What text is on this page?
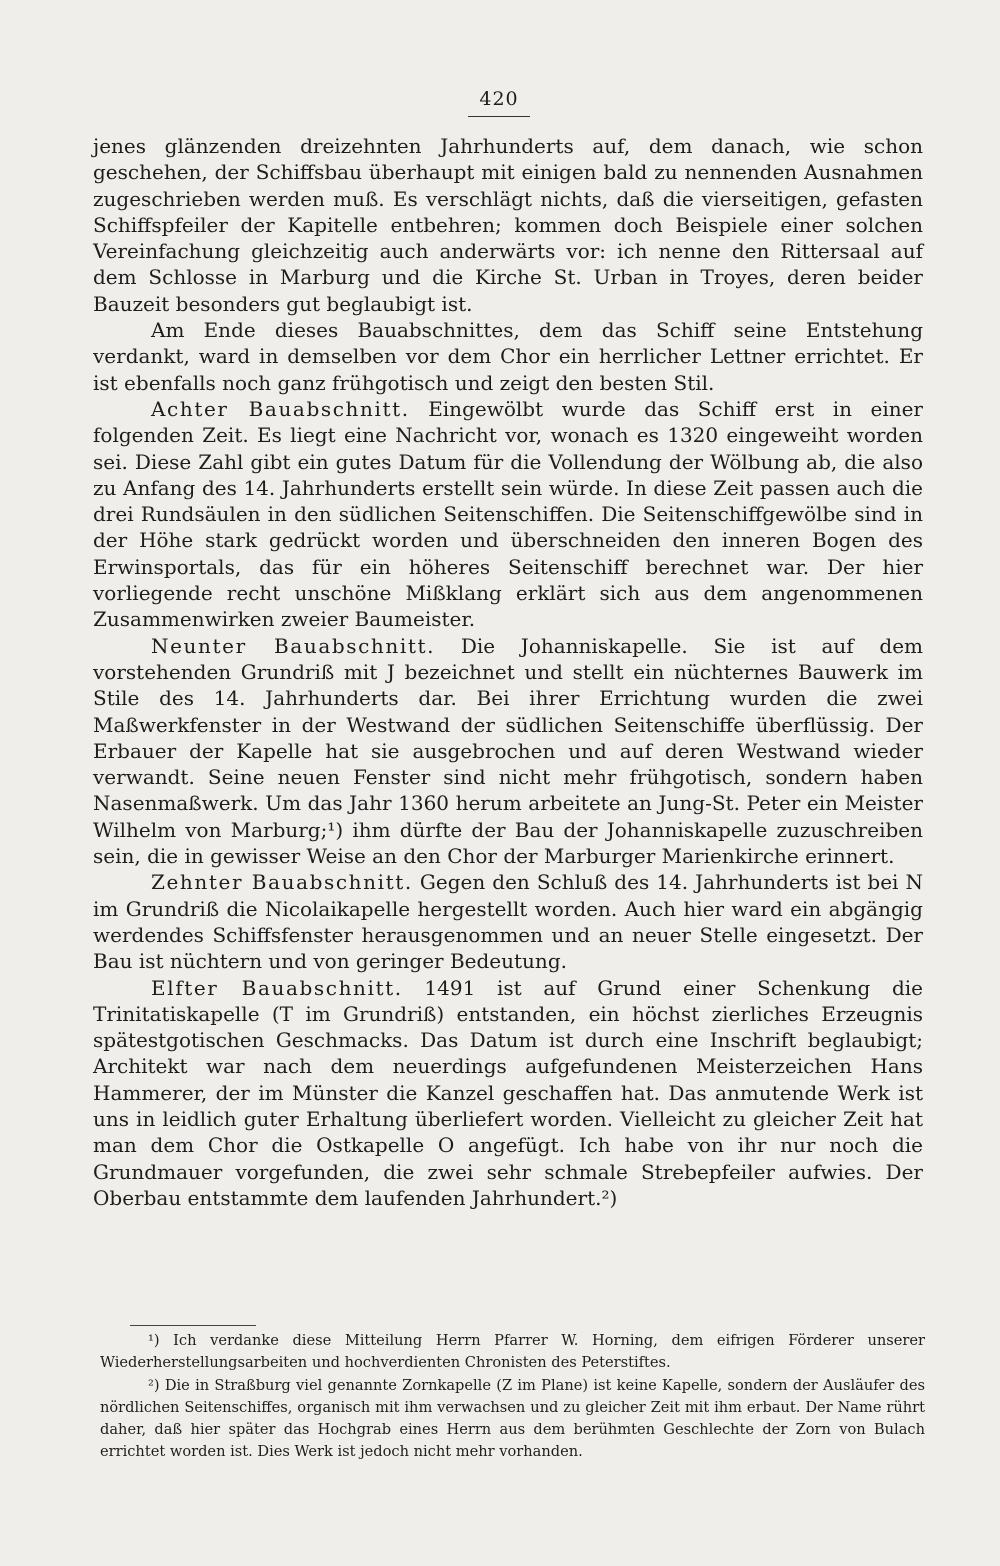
420

jenes glänzenden dreizehnten Jahrhunderts auf, dem danach, wie schon geschehen, der Schiffsbau überhaupt mit einigen bald zu nennenden Ausnahmen zugeschrieben werden muß. Es verschlägt nichts, daß die vierseitigen, gefasten Schiffspfeiler der Kapitelle entbehren; kommen doch Beispiele einer solchen Vereinfachung gleichzeitig auch anderwärts vor: ich nenne den Rittersaal auf dem Schlosse in Marburg und die Kirche St. Urban in Troyes, deren beider Bauzeit besonders gut beglaubigt ist.

Am Ende dieses Bauabschnittes, dem das Schiff seine Entstehung verdankt, ward in demselben vor dem Chor ein herrlicher Lettner errichtet. Er ist ebenfalls noch ganz frühgotisch und zeigt den besten Stil.

Achter Bauabschnitt. Eingewölbt wurde das Schiff erst in einer folgenden Zeit. Es liegt eine Nachricht vor, wonach es 1320 eingeweiht worden sei. Diese Zahl gibt ein gutes Datum für die Vollendung der Wölbung ab, die also zu Anfang des 14. Jahrhunderts erstellt sein würde. In diese Zeit passen auch die drei Rundsäulen in den südlichen Seitenschiffen. Die Seitenschiffgewölbe sind in der Höhe stark gedrückt worden und überschneiden den inneren Bogen des Erwinsportals, das für ein höheres Seitenschiff berechnet war. Der hier vorliegende recht unschöne Mißklang erklärt sich aus dem angenommenen Zusammenwirken zweier Baumeister.

Neunter Bauabschnitt. Die Johanniskapelle. Sie ist auf dem vorstehenden Grundriß mit J bezeichnet und stellt ein nüchternes Bauwerk im Stile des 14. Jahrhunderts dar. Bei ihrer Errichtung wurden die zwei Maßwerkfenster in der Westwand der südlichen Seitenschiffe überflüssig. Der Erbauer der Kapelle hat sie ausgebrochen und auf deren Westwand wieder verwandt. Seine neuen Fenster sind nicht mehr frühgotisch, sondern haben Nasenmaßwerk. Um das Jahr 1360 herum arbeitete an Jung-St. Peter ein Meister Wilhelm von Marburg;¹) ihm dürfte der Bau der Johanniskapelle zuzuschreiben sein, die in gewisser Weise an den Chor der Marburger Marienkirche erinnert.

Zehnter Bauabschnitt. Gegen den Schluß des 14. Jahrhunderts ist bei N im Grundriß die Nicolaikapelle hergestellt worden. Auch hier ward ein abgängig werdendes Schiffsfenster herausgenommen und an neuer Stelle eingesetzt. Der Bau ist nüchtern und von geringer Bedeutung.

Elfter Bauabschnitt. 1491 ist auf Grund einer Schenkung die Trinitatiskapelle (T im Grundriß) entstanden, ein höchst zierliches Erzeugnis spätestgotischen Geschmacks. Das Datum ist durch eine Inschrift beglaubigt; Architekt war nach dem neuerdings aufgefundenen Meisterzeichen Hans Hammerer, der im Münster die Kanzel geschaffen hat. Das anmutende Werk ist uns in leidlich guter Erhaltung überliefert worden. Vielleicht zu gleicher Zeit hat man dem Chor die Ostkapelle O angefügt. Ich habe von ihr nur noch die Grundmauer vorgefunden, die zwei sehr schmale Strebepfeiler aufwies. Der Oberbau entstammte dem laufenden Jahrhundert.²)

¹) Ich verdanke diese Mitteilung Herrn Pfarrer W. Horning, dem eifrigen Förderer unserer Wiederherstellungsarbeiten und hochverdienten Chronisten des Peterstiftes.

²) Die in Straßburg viel genannte Zornkapelle (Z im Plane) ist keine Kapelle, sondern der Ausläufer des nördlichen Seitenschiffes, organisch mit ihm verwachsen und zu gleicher Zeit mit ihm erbaut. Der Name rührt daher, daß hier später das Hochgrab eines Herrn aus dem berühmten Geschlechte der Zorn von Bulach errichtet worden ist. Dies Werk ist jedoch nicht mehr vorhanden.
